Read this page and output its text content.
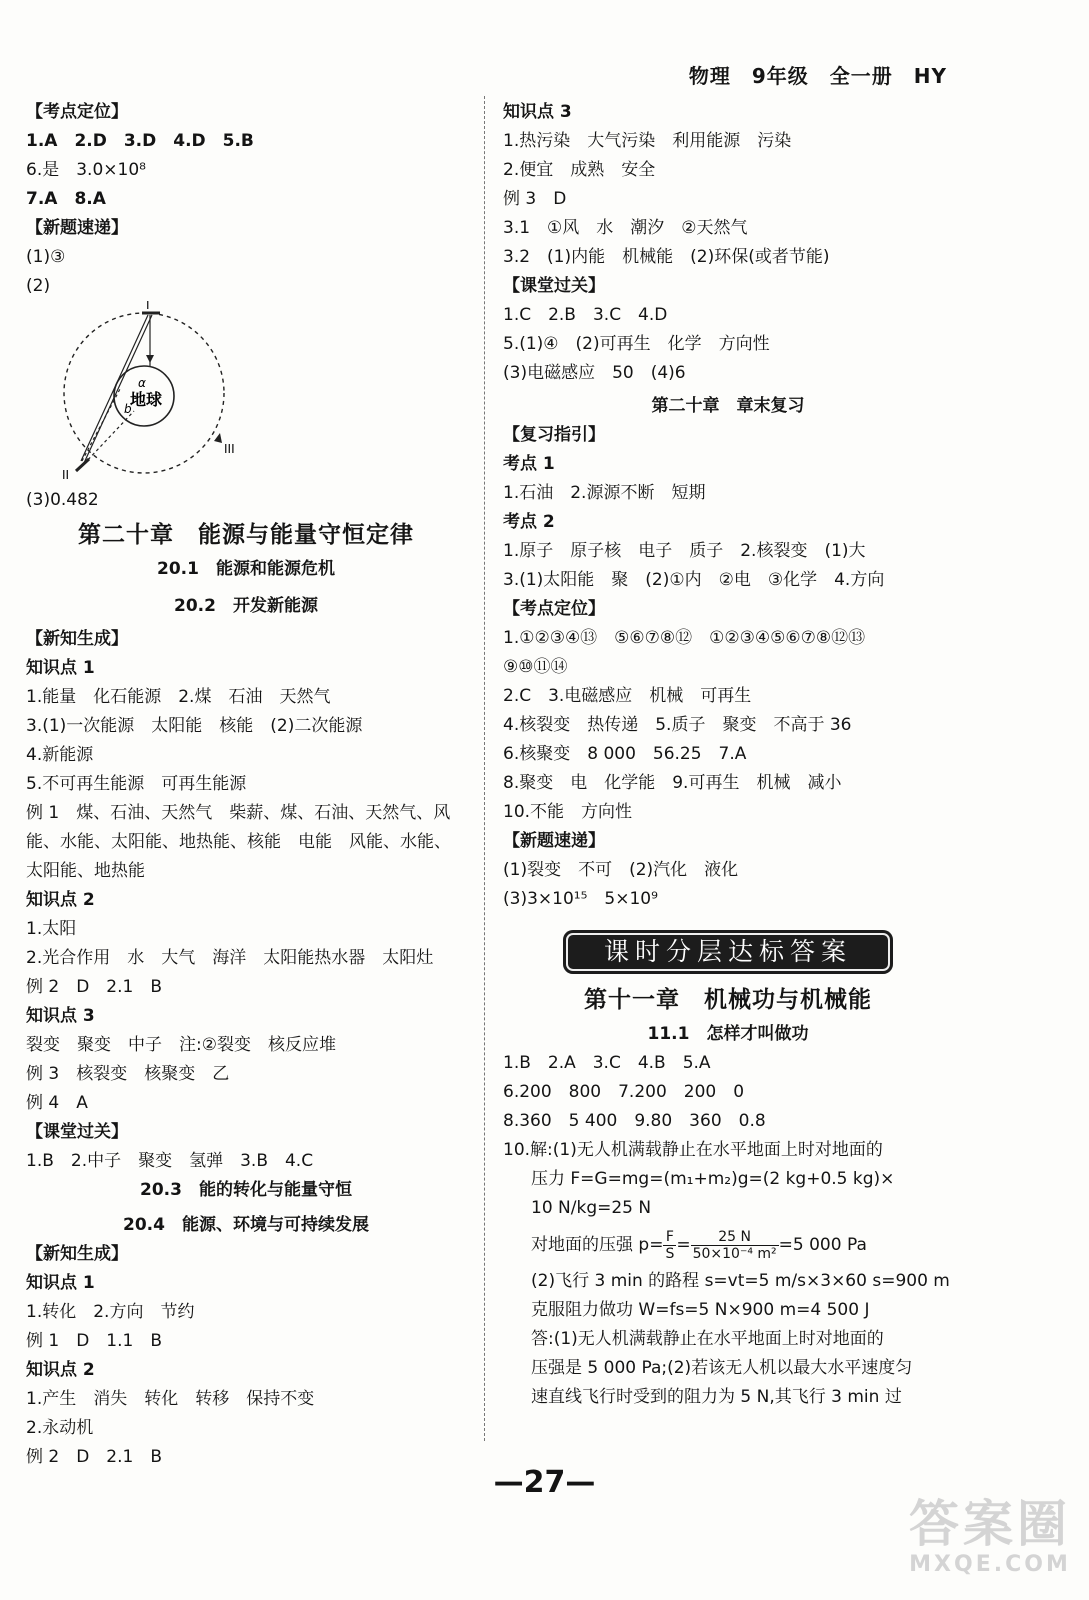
物理　9年级　全一册　HY
【考点定位】
1.A　2.D　3.D　4.D　5.B
6.是　3.0×10⁸
7.A　8.A
【新题速递】
(1)③
(2)
地球
α
b
I
II
III
(3)0.482
第二十章　能源与能量守恒定律
20.1　能源和能源危机
20.2　开发新能源
【新知生成】
知识点 1
1.能量　化石能源　2.煤　石油　天然气
3.(1)一次能源　太阳能　核能　(2)二次能源
4.新能源
5.不可再生能源　可再生能源
例 1　煤、石油、天然气　柴薪、煤、石油、天然气、风能、水能、太阳能、地热能、核能　电能　风能、水能、太阳能、地热能
知识点 2
1.太阳
2.光合作用　水　大气　海洋　太阳能热水器　太阳灶
例 2　D　2.1　B
知识点 3
裂变　聚变　中子　注:②裂变　核反应堆
例 3　核裂变　核聚变　乙
例 4　A
【课堂过关】
1.B　2.中子　聚变　氢弹　3.B　4.C
20.3　能的转化与能量守恒
20.4　能源、环境与可持续发展
【新知生成】
知识点 1
1.转化　2.方向　节约
例 1　D　1.1　B
知识点 2
1.产生　消失　转化　转移　保持不变
2.永动机
例 2　D　2.1　B
知识点 3
1.热污染　大气污染　利用能源　污染
2.便宜　成熟　安全
例 3　D
3.1　①风　水　潮汐　②天然气
3.2　(1)内能　机械能　(2)环保(或者节能)
【课堂过关】
1.C　2.B　3.C　4.D
5.(1)④　(2)可再生　化学　方向性
(3)电磁感应　50　(4)6
第二十章　章末复习
【复习指引】
考点 1
1.石油　2.源源不断　短期
考点 2
1.原子　原子核　电子　质子　2.核裂变　(1)大
3.(1)太阳能　聚　(2)①内　②电　③化学　4.方向
【考点定位】
1.①②③④⑬　⑤⑥⑦⑧⑫　①②③④⑤⑥⑦⑧⑫⑬
⑨⑩⑪⑭
2.C　3.电磁感应　机械　可再生
4.核裂变　热传递　5.质子　聚变　不高于 36
6.核聚变　8 000　56.25　7.A
8.聚变　电　化学能　9.可再生　机械　减小
10.不能　方向性
【新题速递】
(1)裂变　不可　(2)汽化　液化
(3)3×10¹⁵　5×10⁹
课时分层达标答案
第十一章　机械功与机械能
11.1　怎样才叫做功
1.B　2.A　3.C　4.B　5.A
6.200　800　7.200　200　0
8.360　5 400　9.80　360　0.8
10.解:(1)无人机满载静止在水平地面上时对地面的
压力 F=G=mg=(m₁+m₂)g=(2 kg+0.5 kg)×
10 N/kg=25 N
对地面的压强 $p= \frac{F}{S} = \frac{25 N}{\text{50×10⁻⁴ m²}} =5$ 000 Pa
(2)飞行 3 min 的路程 s=vt=5 m/s×3×60 s=900 m
克服阻力做功 W=fs=5 N×900 m=4 500 J
答:(1)无人机满载静止在水平地面上时对地面的
压强是 5 000 Pa;(2)若该无人机以最大水平速度匀
速直线飞行时受到的阻力为 5 N,其飞行 3 min 过
—27—
答案圈
MXQE.COM
